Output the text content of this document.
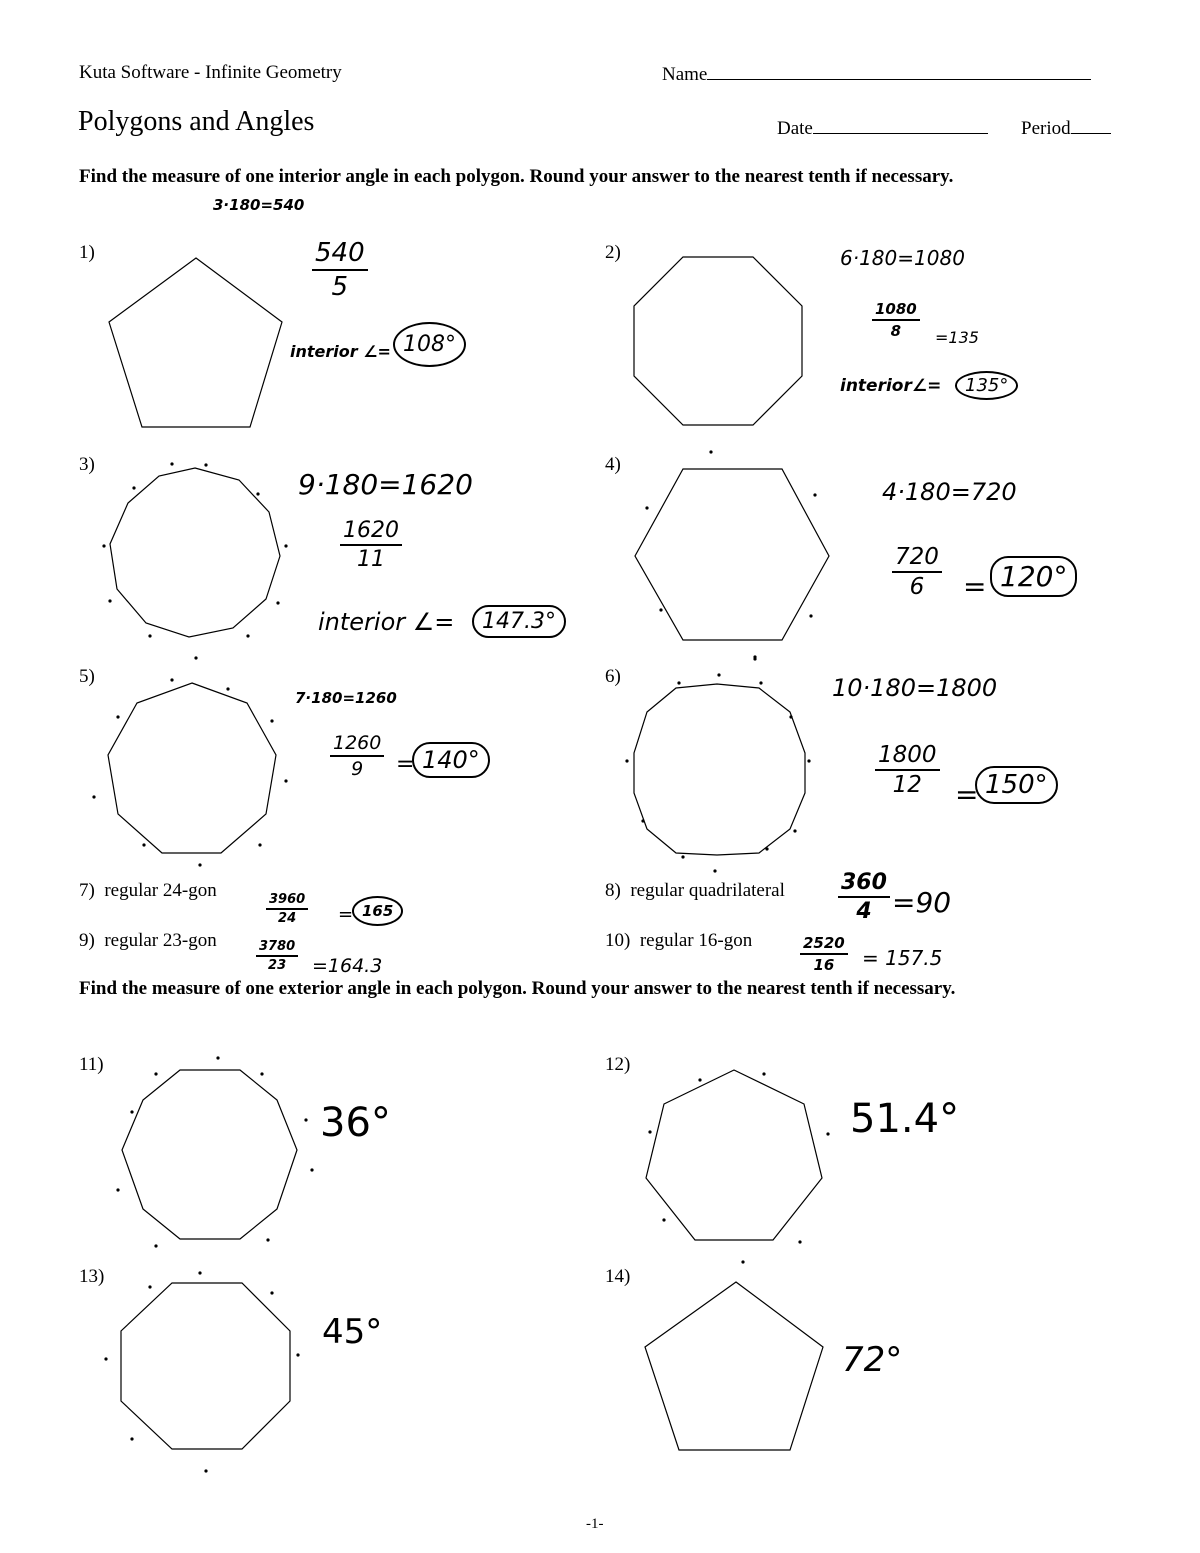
Kuta Software - Infinite Geometry	Name
Polygons and Angles	Date	Period
Find the measure of one interior angle in each polygon. Round your answer to the nearest tenth if necessary.
3·180=540
1)	$\frac{540}{5}$
interior ∠= 108°
2)	6·180=1080
$\frac{1080}{8} =135$
interior∠=	135°
3)
9·180=1620
$\frac{1620}{11}$
interior ∠=	147.3°
4)
4·180=720
$\frac{720}{6} = 120^\circ$
5)
7·180=1260
$\frac{1260}{9} = 140^\circ$
6)	10·180=1800
$\frac{1800}{12} = 150^\circ$
7) regular 24-gon
$\frac{3960}{24} = 165$
8) regular quadrilateral $\frac{360}{4} =90$
9) regular 23-gon	$\frac{3780}{23} =164.3$
10) regular 16-gon	$\frac{2520}{16} = 157.5$
Find the measure of one exterior angle in each polygon. Round your answer to the nearest tenth if necessary.
11)
36°
12)
51.4°
13)
45°
14)
72°
-1-
